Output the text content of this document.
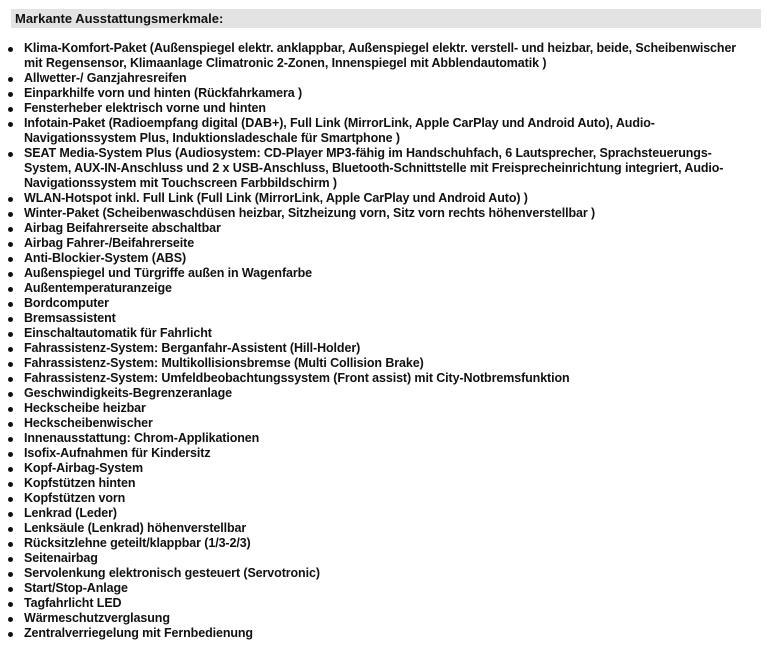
Markante Ausstattungsmerkmale:
Klima-Komfort-Paket (Außenspiegel elektr. anklappbar, Außenspiegel elektr. verstell- und heizbar, beide, Scheibenwischer mit Regensensor, Klimaanlage Climatronic 2-Zonen, Innenspiegel mit Abblendautomatik )
Allwetter-/ Ganzjahresreifen
Einparkhilfe vorn und hinten (Rückfahrkamera )
Fensterheber elektrisch vorne und hinten
Infotain-Paket (Radioempfang digital (DAB+), Full Link (MirrorLink, Apple CarPlay und Android Auto), Audio-Navigationssystem Plus, Induktionsladeschale für Smartphone )
SEAT Media-System Plus (Audiosystem: CD-Player MP3-fähig im Handschuhfach, 6 Lautsprecher, Sprachsteuerungs-System, AUX-IN-Anschluss und 2 x USB-Anschluss, Bluetooth-Schnittstelle mit Freisprecheinrichtung integriert, Audio-Navigationssystem mit Touchscreen Farbbildschirm )
WLAN-Hotspot inkl. Full Link (Full Link (MirrorLink, Apple CarPlay und Android Auto) )
Winter-Paket (Scheibenwaschdüsen heizbar, Sitzheizung vorn, Sitz vorn rechts höhenverstellbar )
Airbag Beifahrerseite abschaltbar
Airbag Fahrer-/Beifahrerseite
Anti-Blockier-System (ABS)
Außenspiegel und Türgriffe außen in Wagenfarbe
Außentemperaturanzeige
Bordcomputer
Bremsassistent
Einschaltautomatik für Fahrlicht
Fahrassistenz-System: Berganfahr-Assistent (Hill-Holder)
Fahrassistenz-System: Multikollisionsbremse (Multi Collision Brake)
Fahrassistenz-System: Umfeldbeobachtungssystem (Front assist) mit City-Notbremsfunktion
Geschwindigkeits-Begrenzeranlage
Heckscheibe heizbar
Heckscheibenwischer
Innenausstattung: Chrom-Applikationen
Isofix-Aufnahmen für Kindersitz
Kopf-Airbag-System
Kopfstützen hinten
Kopfstützen vorn
Lenkrad (Leder)
Lenksäule (Lenkrad) höhenverstellbar
Rücksitzlehne geteilt/klappbar (1/3-2/3)
Seitenairbag
Servolenkung elektronisch gesteuert (Servotronic)
Start/Stop-Anlage
Tagfahrlicht LED
Wärmeschutzverglasung
Zentralverriegelung mit Fernbedienung
